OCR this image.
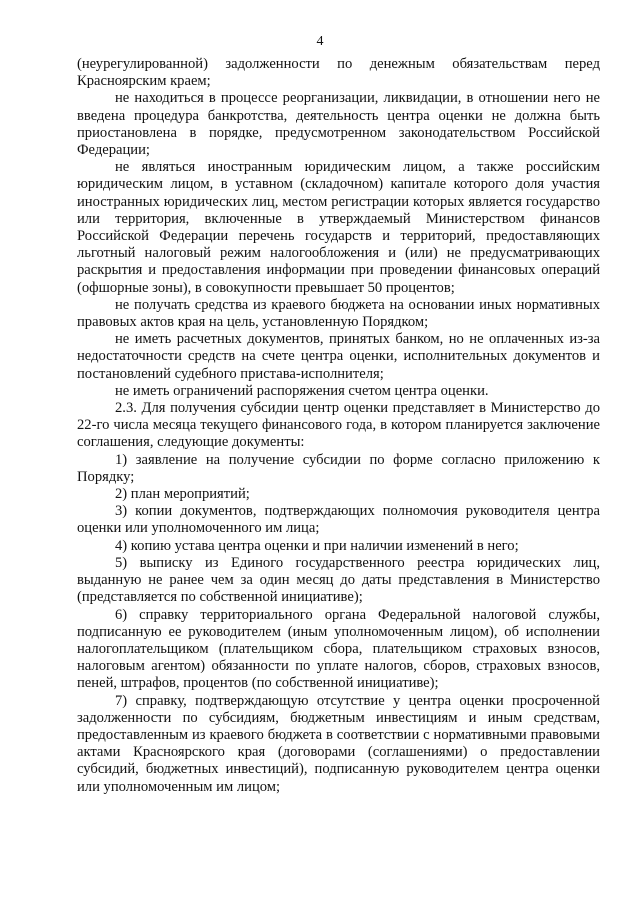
4

(неурегулированной) задолженности по денежным обязательствам перед Красноярским краем;

не находиться в процессе реорганизации, ликвидации, в отношении него не введена процедура банкротства, деятельность центра оценки не должна быть приостановлена в порядке, предусмотренном законодательством Российской Федерации;

не являться иностранным юридическим лицом, а также российским юридическим лицом, в уставном (складочном) капитале которого доля участия иностранных юридических лиц, местом регистрации которых является государство или территория, включенные в утверждаемый Министерством финансов Российской Федерации перечень государств и территорий, предоставляющих льготный налоговый режим налогообложения и (или) не предусматривающих раскрытия и предоставления информации при проведении финансовых операций (офшорные зоны), в совокупности превышает 50 процентов;

не получать средства из краевого бюджета на основании иных нормативных правовых актов края на цель, установленную Порядком;

не иметь расчетных документов, принятых банком, но не оплаченных из-за недостаточности средств на счете центра оценки, исполнительных документов и постановлений судебного пристава-исполнителя;

не иметь ограничений распоряжения счетом центра оценки.

2.3. Для получения субсидии центр оценки представляет в Министерство до 22-го числа месяца текущего финансового года, в котором планируется заключение соглашения, следующие документы:

1) заявление на получение субсидии по форме согласно приложению к Порядку;

2) план мероприятий;

3) копии документов, подтверждающих полномочия руководителя центра оценки или уполномоченного им лица;

4) копию устава центра оценки и при наличии изменений в него;

5) выписку из Единого государственного реестра юридических лиц, выданную не ранее чем за один месяц до даты представления в Министерство (представляется по собственной инициативе);

6) справку территориального органа Федеральной налоговой службы, подписанную ее руководителем (иным уполномоченным лицом), об исполнении налогоплательщиком (плательщиком сбора, плательщиком страховых взносов, налоговым агентом) обязанности по уплате налогов, сборов, страховых взносов, пеней, штрафов, процентов (по собственной инициативе);

7) справку, подтверждающую отсутствие у центра оценки просроченной задолженности по субсидиям, бюджетным инвестициям и иным средствам, предоставленным из краевого бюджета в соответствии с нормативными правовыми актами Красноярского края (договорами (соглашениями) о предоставлении субсидий, бюджетных инвестиций), подписанную руководителем центра оценки или уполномоченным им лицом;
